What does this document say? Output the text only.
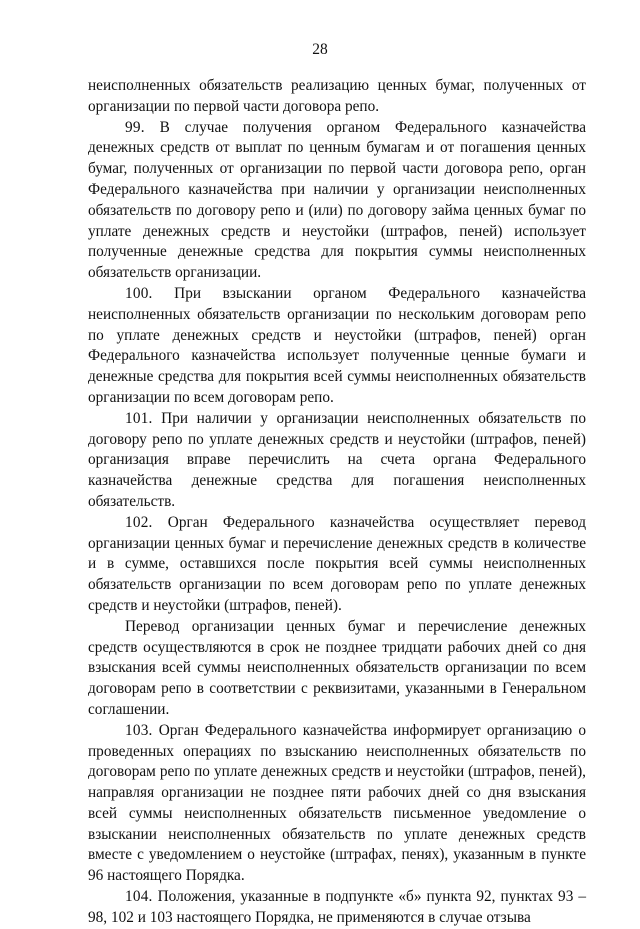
28

неисполненных обязательств реализацию ценных бумаг, полученных от организации по первой части договора репо.

99. В случае получения органом Федерального казначейства денежных средств от выплат по ценным бумагам и от погашения ценных бумаг, полученных от организации по первой части договора репо, орган Федерального казначейства при наличии у организации неисполненных обязательств по договору репо и (или) по договору займа ценных бумаг по уплате денежных средств и неустойки (штрафов, пеней) использует полученные денежные средства для покрытия суммы неисполненных обязательств организации.

100. При взыскании органом Федерального казначейства неисполненных обязательств организации по нескольким договорам репо по уплате денежных средств и неустойки (штрафов, пеней) орган Федерального казначейства использует полученные ценные бумаги и денежные средства для покрытия всей суммы неисполненных обязательств организации по всем договорам репо.

101. При наличии у организации неисполненных обязательств по договору репо по уплате денежных средств и неустойки (штрафов, пеней) организация вправе перечислить на счета органа Федерального казначейства денежные средства для погашения неисполненных обязательств.

102. Орган Федерального казначейства осуществляет перевод организации ценных бумаг и перечисление денежных средств в количестве и в сумме, оставшихся после покрытия всей суммы неисполненных обязательств организации по всем договорам репо по уплате денежных средств и неустойки (штрафов, пеней).

Перевод организации ценных бумаг и перечисление денежных средств осуществляются в срок не позднее тридцати рабочих дней со дня взыскания всей суммы неисполненных обязательств организации по всем договорам репо в соответствии с реквизитами, указанными в Генеральном соглашении.

103. Орган Федерального казначейства информирует организацию о проведенных операциях по взысканию неисполненных обязательств по договорам репо по уплате денежных средств и неустойки (штрафов, пеней), направляя организации не позднее пяти рабочих дней со дня взыскания всей суммы неисполненных обязательств письменное уведомление о взыскании неисполненных обязательств по уплате денежных средств вместе с уведомлением о неустойке (штрафах, пенях), указанным в пункте 96 настоящего Порядка.

104. Положения, указанные в подпункте «б» пункта 92, пунктах 93 – 98, 102 и 103 настоящего Порядка, не применяются в случае отзыва
